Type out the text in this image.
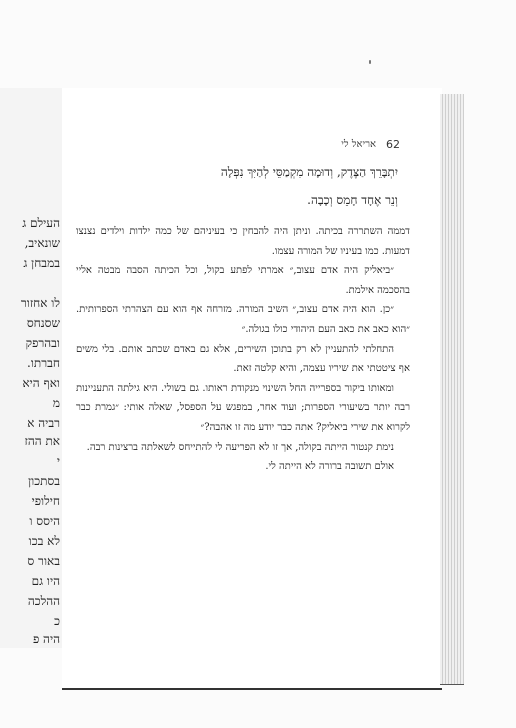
העילם ג
שונאיב,
במבחן ג
לו אחזור
שסנחס
ובהרפק
חברתו.
ואף היא
מ
רביה א
את ההז
י
בסתכון
חילופי
היסס ו
לא בכו
באור ס
היו גם
ההלכה
כ
היה פ
אריאל לי 62
יִתְבָּרֵךְ הַצֶּדֶק, וְדוּמָה מִקְמַסֵּי לְהַיִּךְ נִפְּלָה
וְנֵר אֶחָד חָמֵס וְכָבָה.

דממה השתררה בכיתה. וניתן היה להבחין כי בעיניהם של כמה ילדות וילדים נצנצו דמעות. כמו בעיניו של המורה עצמו.

״ביאליק היה אדם עצוב,״ אמרתי לפתע בקול, וכל הכיתה הסבה מבטה אליי בהסכמה אילמת.

״כן. הוא היה אדם עצוב,״ השיב המורה. מזרחה אף הוא עם הצהרתי הספרותית. ״הוא כאב את כאב העם היהודי כולו בגולה.״

התחלתי להתעניין לא רק בתוכן השירים, אלא גם באדם שכתב אותם. בלי משים אף ציטטתי את שיריו עצמה, והיא קלטה זאת.

ומאותו ביקור בספרייה החל השינוי מנקודת ראותו. גם בשולי. היא גילתה התעניינות רבה יותר בשיעורי הספרות; ועוד אחר, במפגש על הספסל, שאלה אותי: ״גמרת כבר לקרוא את שירי ביאליק? אתה כבר יודע מה זו אהבה?״

נימת קנטור הייתה בקולה, אך זו לא הפריעה לי להתייחס לשאלתה ברצינות רבה.

אולם תשובה ברורה לא הייתה לי.
